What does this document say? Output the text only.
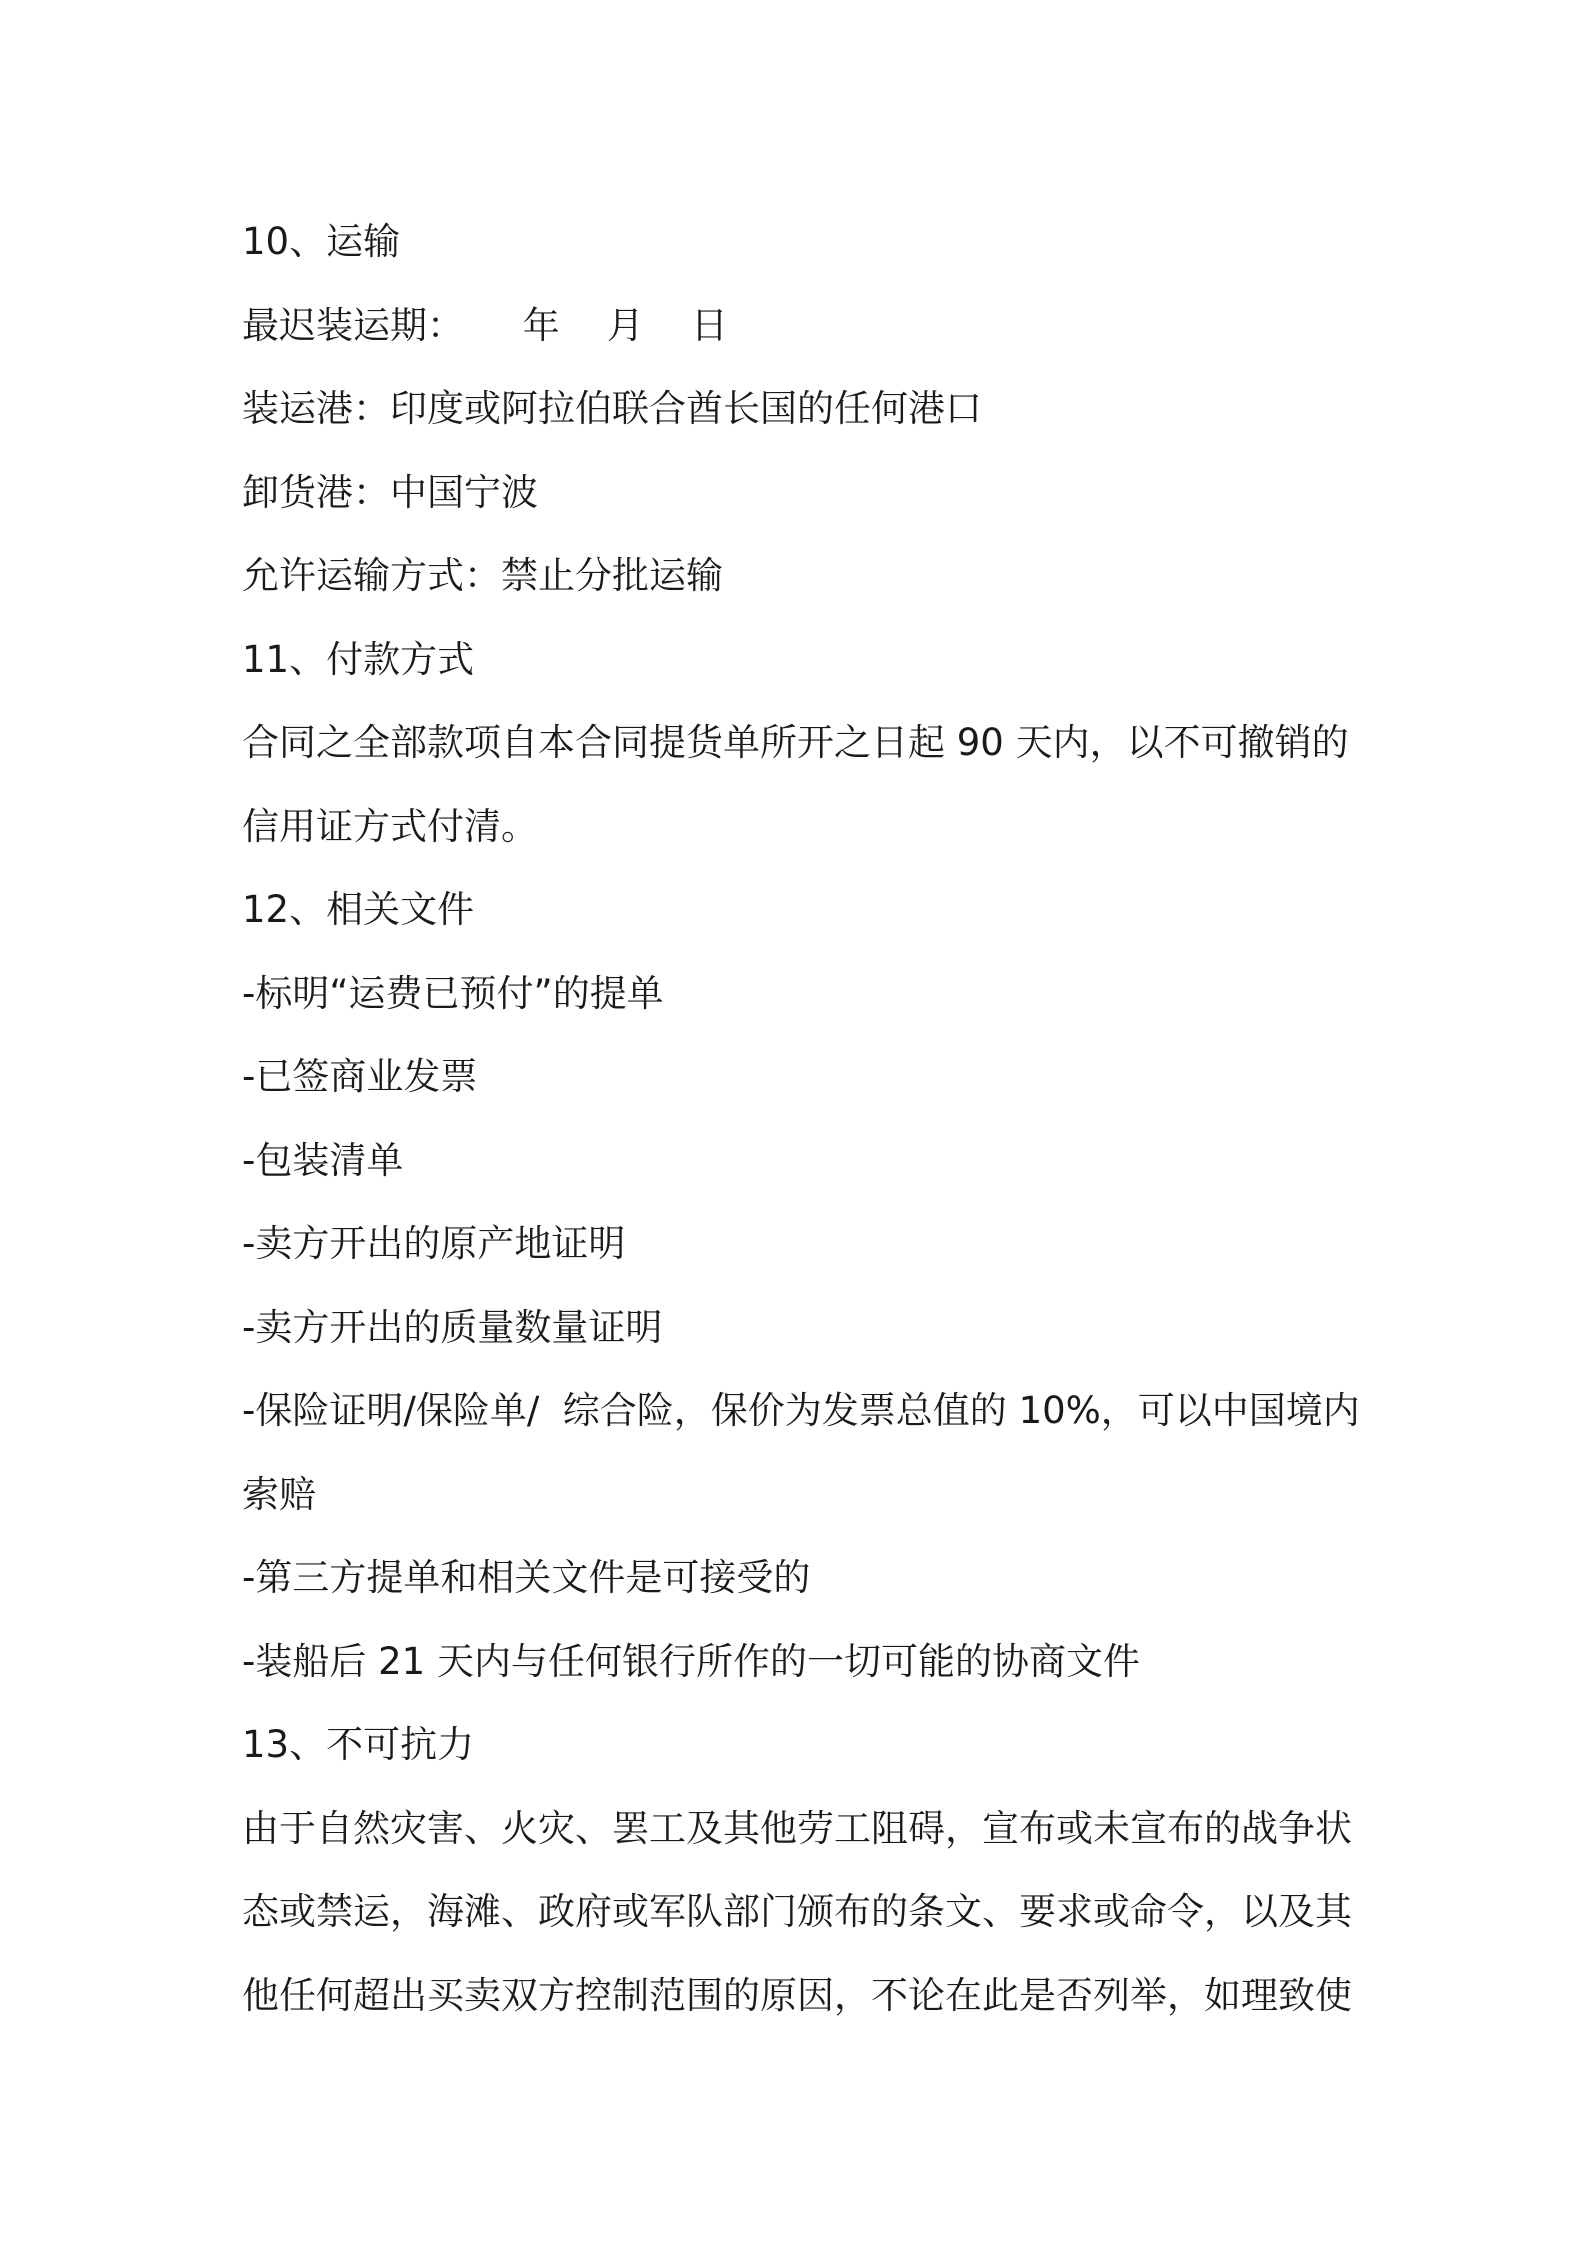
10、运输
最迟装运期：     年    月    日
装运港：印度或阿拉伯联合酋长国的任何港口
卸货港：中国宁波
允许运输方式：禁止分批运输
11、付款方式
合同之全部款项自本合同提货单所开之日起 90 天内，以不可撤销的
信用证方式付清。
12、相关文件
-标明“运费已预付”的提单
-已签商业发票
-包装清单
-卖方开出的原产地证明
-卖方开出的质量数量证明
-保险证明/保险单/  综合险，保价为发票总值的 10%，可以中国境内
索赔
-第三方提单和相关文件是可接受的
-装船后 21 天内与任何银行所作的一切可能的协商文件
13、不可抗力
由于自然灾害、火灾、罢工及其他劳工阻碍，宣布或未宣布的战争状
态或禁运，海滩、政府或军队部门颁布的条文、要求或命令，以及其
他任何超出买卖双方控制范围的原因，不论在此是否列举，如理致使
